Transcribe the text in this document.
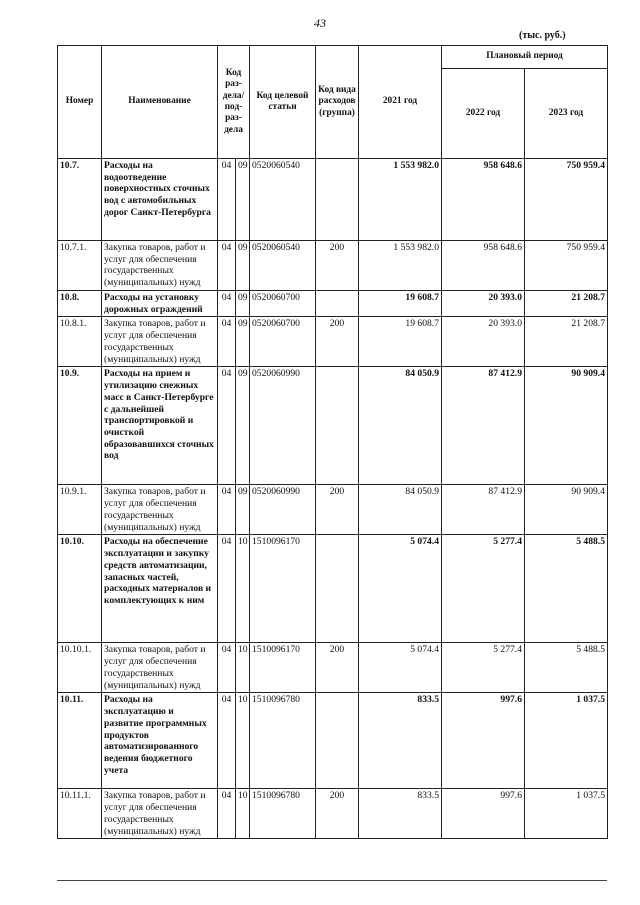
43
(тыс. руб.)
Номер	Наименование	Код раз-дела/ под-раз-дела		Код целевой статьи	Код вида расходов (группа)	2021 год	Плановый период	
							2022 год	2023 год
10.7.	Расходы на водоотведение поверхностных сточных вод с автомобильных дорог Санкт-Петербурга	04	09	0520060540		1 553 982.0	958 648.6	750 959.4
10.7.1.	Закупка товаров, работ и услуг для обеспечения государственных (муниципальных) нужд	04	09	0520060540	200	1 553 982.0	958 648.6	750 959.4
10.8.	Расходы на установку дорожных ограждений	04	09	0520060700		19 608.7	20 393.0	21 208.7
10.8.1.	Закупка товаров, работ и услуг для обеспечения государственных (муниципальных) нужд	04	09	0520060700	200	19 608.7	20 393.0	21 208.7
10.9.	Расходы на прием и утилизацию снежных масс в Санкт-Петербурге с дальнейшей транспортировкой и очисткой образовавшихся сточных вод	04	09	0520060990		84 050.9	87 412.9	90 909.4
10.9.1.	Закупка товаров, работ и услуг для обеспечения государственных (муниципальных) нужд	04	09	0520060990	200	84 050.9	87 412.9	90 909.4
10.10.	Расходы на обеспечение эксплуатации и закупку средств автоматизации, запасных частей, расходных материалов и комплектующих к ним	04	10	1510096170		5 074.4	5 277.4	5 488.5
10.10.1.	Закупка товаров, работ и услуг для обеспечения государственных (муниципальных) нужд	04	10	1510096170	200	5 074.4	5 277.4	5 488.5
10.11.	Расходы на эксплуатацию и развитие программных продуктов автоматизированного ведения бюджетного учета	04	10	1510096780		833.5	997.6	1 037.5
10.11.1.	Закупка товаров, работ и услуг для обеспечения государственных (муниципальных) нужд	04	10	1510096780	200	833.5	997.6	1 037.5
